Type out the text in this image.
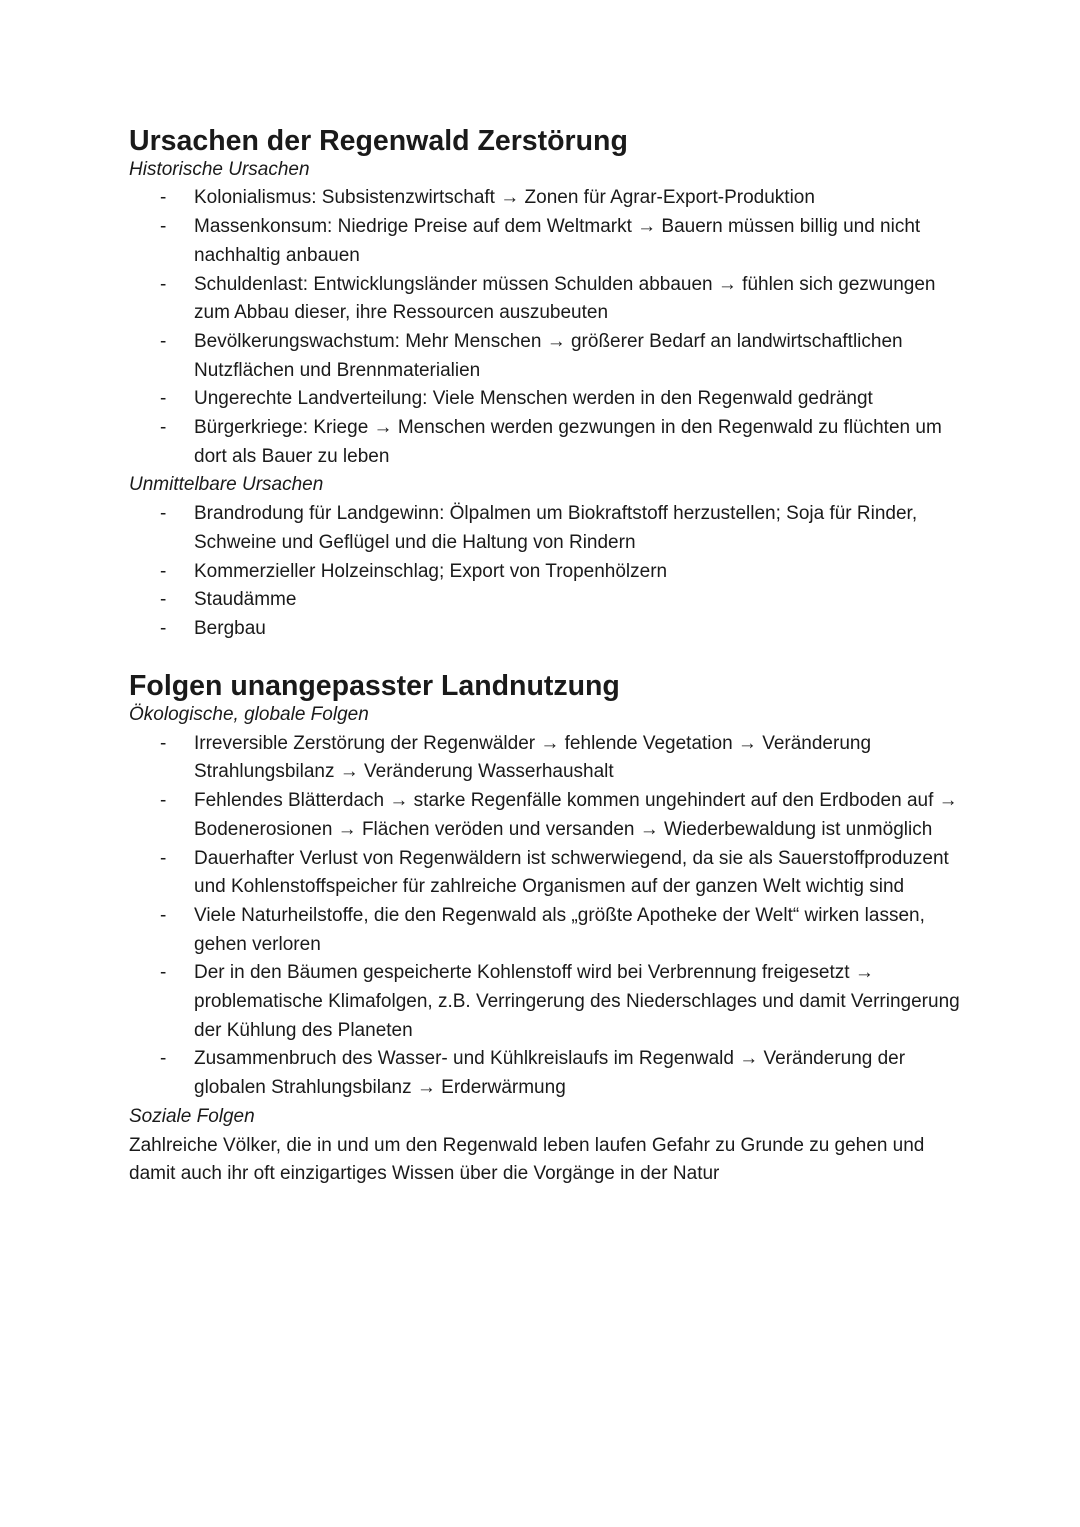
Ursachen der Regenwald Zerstörung
Historische Ursachen
- Kolonialismus: Subsistenzwirtschaft → Zonen für Agrar-Export-Produktion
- Massenkonsum: Niedrige Preise auf dem Weltmarkt → Bauern müssen billig und nicht nachhaltig anbauen
- Schuldenlast: Entwicklungsländer müssen Schulden abbauen → fühlen sich gezwungen zum Abbau dieser, ihre Ressourcen auszubeuten
- Bevölkerungswachstum: Mehr Menschen → größerer Bedarf an landwirtschaftlichen Nutzflächen und Brennmaterialien
- Ungerechte Landverteilung: Viele Menschen werden in den Regenwald gedrängt
- Bürgerkriege: Kriege → Menschen werden gezwungen in den Regenwald zu flüchten um dort als Bauer zu leben
Unmittelbare Ursachen
- Brandrodung für Landgewinn: Ölpalmen um Biokraftstoff herzustellen; Soja für Rinder, Schweine und Geflügel und die Haltung von Rindern
- Kommerzieller Holzeinschlag; Export von Tropenhölzern
- Staudämme
- Bergbau
Folgen unangepasster Landnutzung
Ökologische, globale Folgen
- Irreversible Zerstörung der Regenwälder → fehlende Vegetation → Veränderung Strahlungsbilanz → Veränderung Wasserhaushalt
- Fehlendes Blätterdach → starke Regenfälle kommen ungehindert auf den Erdboden auf → Bodenerosionen → Flächen veröden und versanden → Wiederbewaldung ist unmöglich
- Dauerhafter Verlust von Regenwäldern ist schwerwiegend, da sie als Sauerstoffproduzent und Kohlenstoffspeicher für zahlreiche Organismen auf der ganzen Welt wichtig sind
- Viele Naturheilstoffe, die den Regenwald als „größte Apotheke der Welt“ wirken lassen, gehen verloren
- Der in den Bäumen gespeicherte Kohlenstoff wird bei Verbrennung freigesetzt → problematische Klimafolgen, z.B. Verringerung des Niederschlages und damit Verringerung der Kühlung des Planeten
- Zusammenbruch des Wasser- und Kühlkreislaufs im Regenwald → Veränderung der globalen Strahlungsbilanz → Erderwärmung
Soziale Folgen

Zahlreiche Völker, die in und um den Regenwald leben laufen Gefahr zu Grunde zu gehen und damit auch ihr oft einzigartiges Wissen über die Vorgänge in der Natur
